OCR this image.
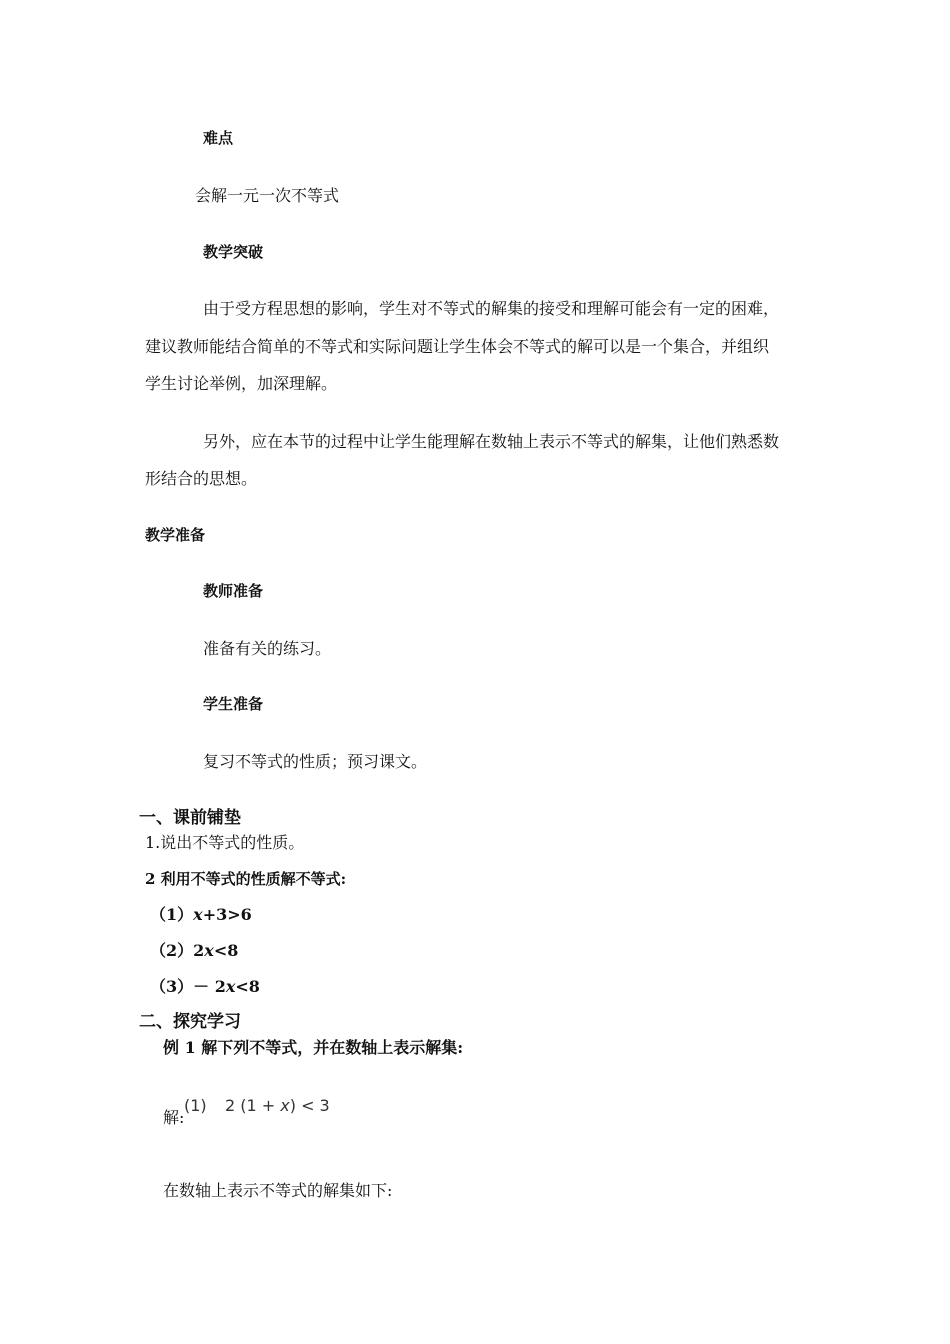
难点
会解一元一次不等式
教学突破
由于受方程思想的影响，学生对不等式的解集的接受和理解可能会有一定的困难，
建议教师能结合简单的不等式和实际问题让学生体会不等式的解可以是一个集合，并组织
学生讨论举例，加深理解。
另外，应在本节的过程中让学生能理解在数轴上表示不等式的解集，让他们熟悉数
形结合的思想。
教学准备
教师准备
准备有关的练习。
学生准备
复习不等式的性质；预习课文。
一、课前铺垫
1.说出不等式的性质。
2 利用不等式的性质解不等式:
（1）x+3>6
（2）2x<8
（3）－ 2x<8
二、探究学习
例 1 解下列不等式，并在数轴上表示解集:
解:
(1) 2 (1 + x) < 3
在数轴上表示不等式的解集如下:
